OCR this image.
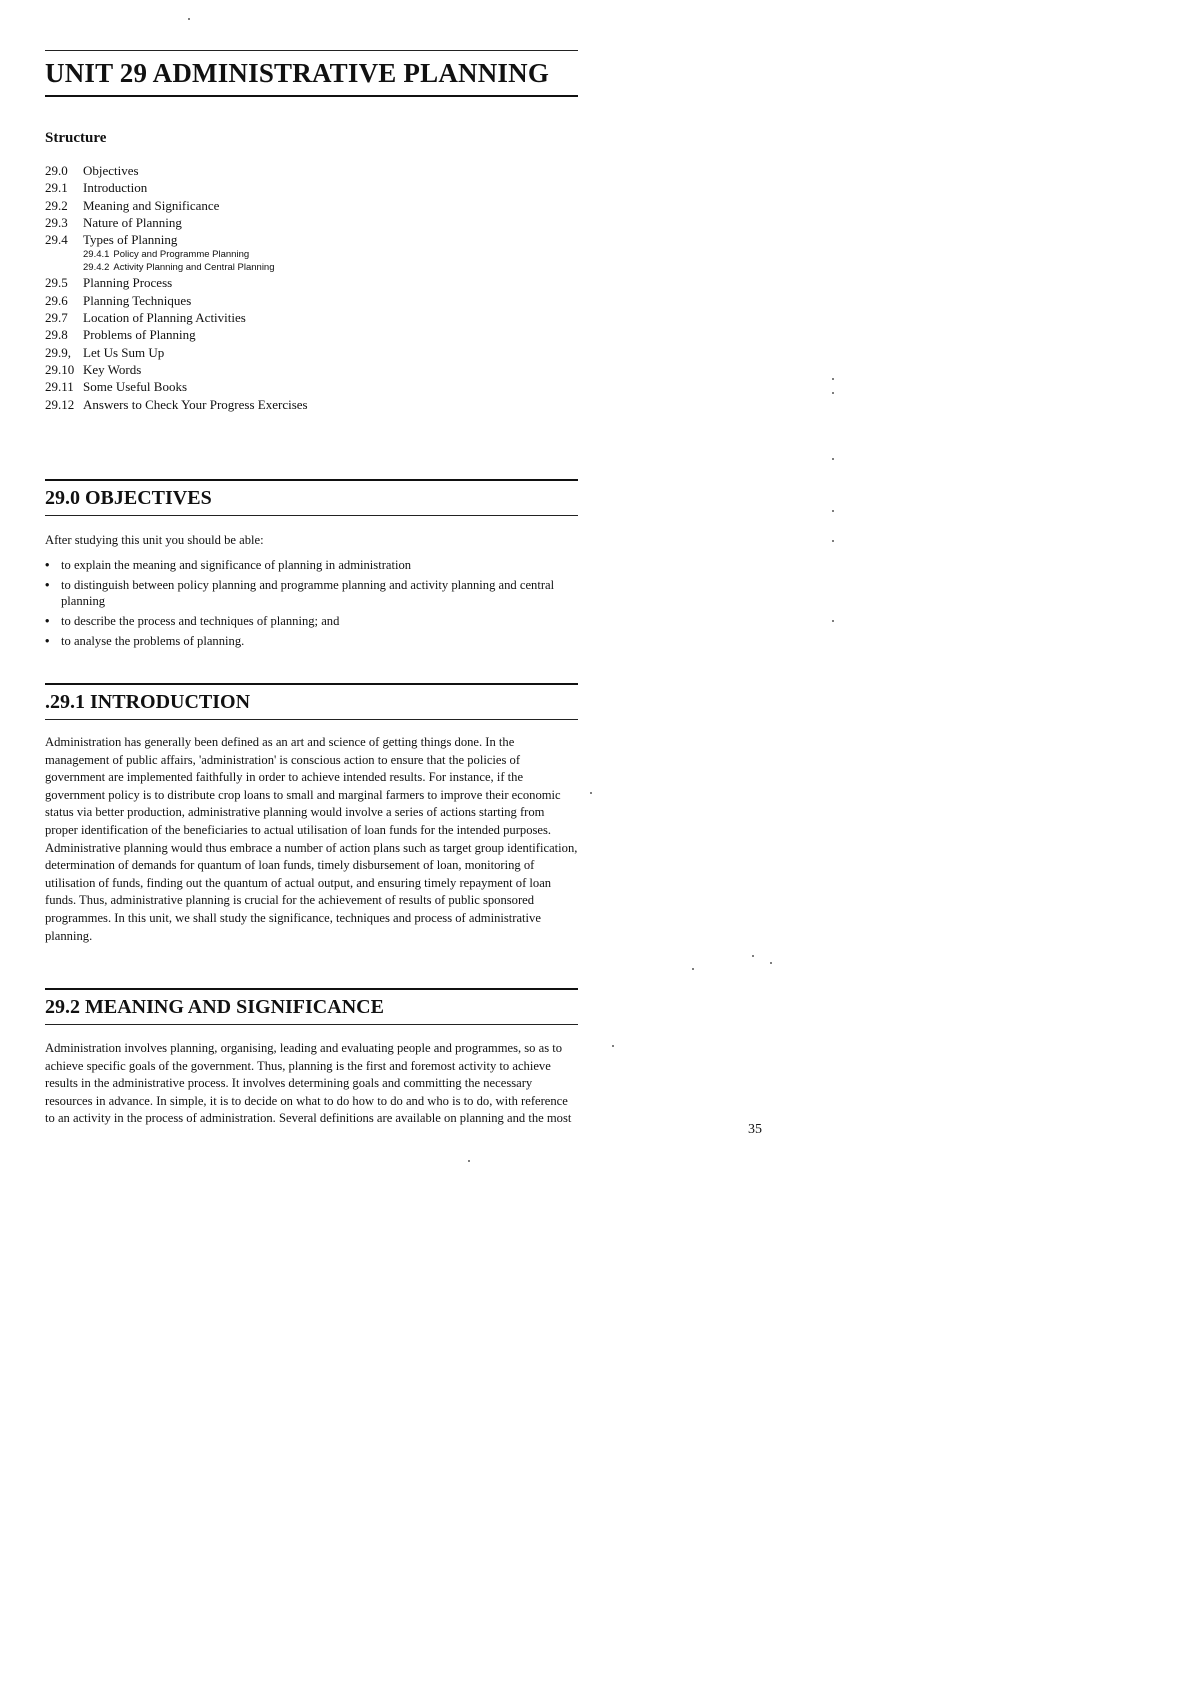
UNIT 29 ADMINISTRATIVE PLANNING
Structure
29.0 Objectives
29.1 Introduction
29.2 Meaning and Significance
29.3 Nature of Planning
29.4 Types of Planning
29.4.1 Policy and Programme Planning
29.4.2 Activity Planning and Central Planning
29.5 Planning Process
29.6 Planning Techniques
29.7 Location of Planning Activities
29.8 Problems of Planning
29.9, Let Us Sum Up
29.10 Key Words
29.11 Some Useful Books
29.12 Answers to Check Your Progress Exercises
29.0 OBJECTIVES

After studying this unit you should be able:

• to explain the meaning and significance of planning in administration
• to distinguish between policy planning and programme planning and activity planning and central planning
• to describe the process and techniques of planning; and
• to analyse the problems of planning.
.29.1 INTRODUCTION

Administration has generally been defined as an art and science of getting things done. In the management of public affairs, 'administration' is conscious action to ensure that the policies of government are implemented faithfully in order to achieve intended results. For instance, if the government policy is to distribute crop loans to small and marginal farmers to improve their economic status via better production, administrative planning would involve a series of actions starting from proper identification of the beneficiaries to actual utilisation of loan funds for the intended purposes. Administrative planning would thus embrace a number of action plans such as target group identification, determination of demands for quantum of loan funds, timely disbursement of loan, monitoring of utilisation of funds, finding out the quantum of actual output, and ensuring timely repayment of loan funds. Thus, administrative planning is crucial for the achievement of results of public sponsored programmes. In this unit, we shall study the significance, techniques and process of administrative planning.

29.2 MEANING AND SIGNIFICANCE

Administration involves planning, organising, leading and evaluating people and programmes, so as to achieve specific goals of the government. Thus, planning is the first and foremost activity to achieve results in the administrative process. It involves determining goals and committing the necessary resources in advance. In simple, it is to decide on what to do how to do and who is to do, with reference to an activity in the process of administration. Several definitions are available on planning and the most

35
